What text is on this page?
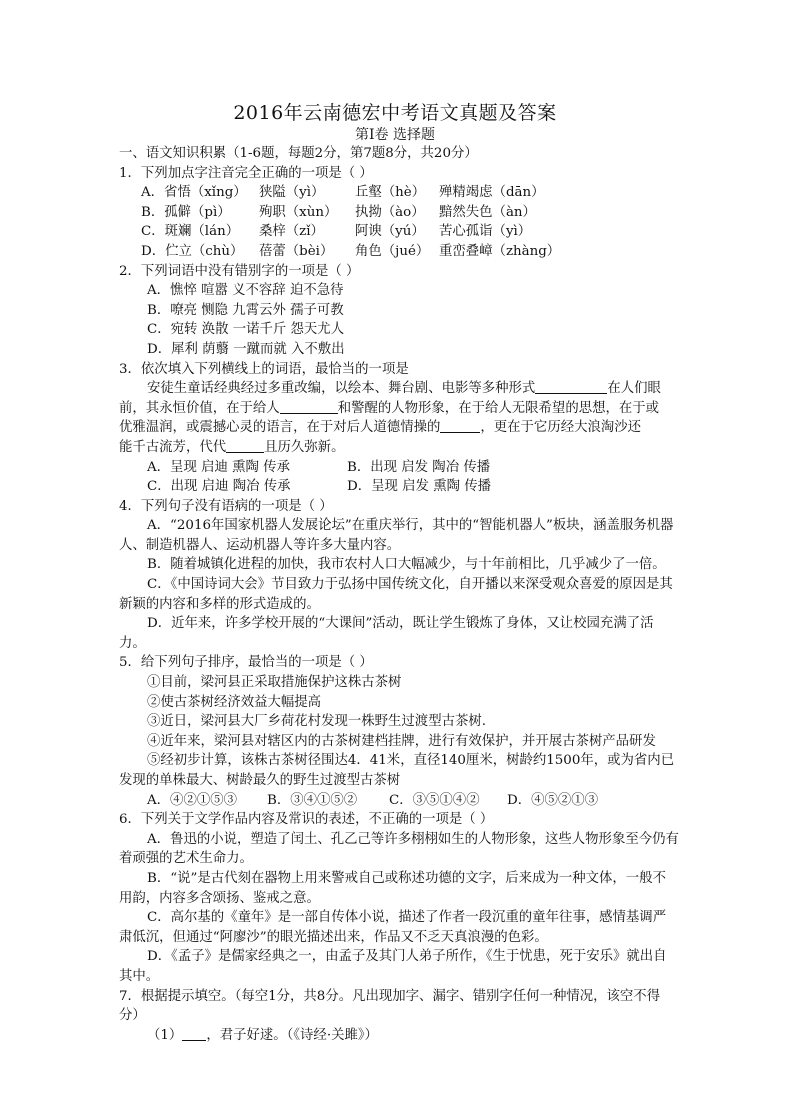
2016年云南德宏中考语文真题及答案
第Ⅰ卷 选择题
一、语文知识积累（1-6题，每题2分，第7题8分，共20分）
1．下列加点字注音完全正确的一项是（ ）
A．省悟（xǐng） 狭隘（yì） 丘壑（hè） 殚精竭虑（dān）
B．孤僻（pì） 殉职（xùn） 执拗（ào） 黯然失色（àn）
C．斑斓（lán） 桑梓（zǐ） 阿谀（yú） 苦心孤诣（yì）
D．伫立（chù） 蓓蕾（bèi） 角色（jué） 重峦叠嶂（zhàng）
2．下列词语中没有错别字的一项是（ ）
A．憔悴 喧嚣 义不容辞 迫不急待
B．嘹亮 恻隐 九霄云外 孺子可教
C．宛转 涣散 一诺千斤 怨天尤人
D．犀利 荫蘙 一蹴而就 入不敷出
3．依次填入下列横线上的词语，最恰当的一项是
安徒生童话经典经过多重改编，以绘本、舞台剧、电影等多种形式	在人们眼
前，其永恒价值，在于给人	和警醒的人物形象，在于给人无限希望的思想，在于或
优雅温润，或震撼心灵的语言，在于对后人道德情操的	，更在于它历经大浪淘沙还
能千古流芳，代代	且历久弥新。
A．呈现 启迪 熏陶 传承	B．出现 启发 陶冶 传播
C．出现 启迪 陶冶 传承	D．呈现 启发 熏陶 传播
4．下列句子没有语病的一项是（ ）
A．“2016年国家机器人发展论坛”在重庆举行，其中的“智能机器人”板块，涵盖服务机器人、制造机器人、运动机器人等许多大量内容。
B．随着城镇化进程的加快，我市农村人口大幅减少，与十年前相比，几乎减少了一倍。
C．《中国诗词大会》节目致力于弘扬中国传统文化，自开播以来深受观众喜爱的原因是其新颖的内容和多样的形式造成的。
D．近年来，许多学校开展的“大课间”活动，既让学生锻炼了身体，又让校园充满了活力。
5．给下列句子排序，最恰当的一项是（ ）
①目前，梁河县正采取措施保护这株古茶树
②使古茶树经济效益大幅提高
③近日，梁河县大厂乡荷花村发现一株野生过渡型古茶树.
④近年来，梁河县对辖区内的古茶树建档挂牌，进行有效保护，并开展古茶树产品研发
⑤经初步计算，该株古茶树径围达4．41米，直径140厘米，树龄约1500年，或为省内已发现的单株最大、树龄最久的野生过渡型古茶树
A．④②①⑤③ B．③④①⑤② C．③⑤①④② D．④⑤②①③
6．下列关于文学作品内容及常识的表述，不正确的一项是（ ）
A．鲁迅的小说，塑造了闰土、孔乙己等许多栩栩如生的人物形象，这些人物形象至今仍有着顽强的艺术生命力。
B．“说”是古代刻在器物上用来警戒自己或称述功德的文字，后来成为一种文体，一般不用韵，内容多含颂扬、鉴戒之意。
C．高尔基的《童年》是一部自传体小说，描述了作者一段沉重的童年往事，感情基调严肃低沉，但通过“阿廖沙”的眼光描述出来，作品又不乏天真浪漫的色彩。
D．《孟子》是儒家经典之一，由孟子及其门人弟子所作，《生于忧患，死于安乐》就出自其中。
7．根据提示填空。（每空1分，共8分。凡出现加字、漏字、错别字任何一种情况，该空不得分）
（1） ，君子好逑。（《诗经·关雎》）
